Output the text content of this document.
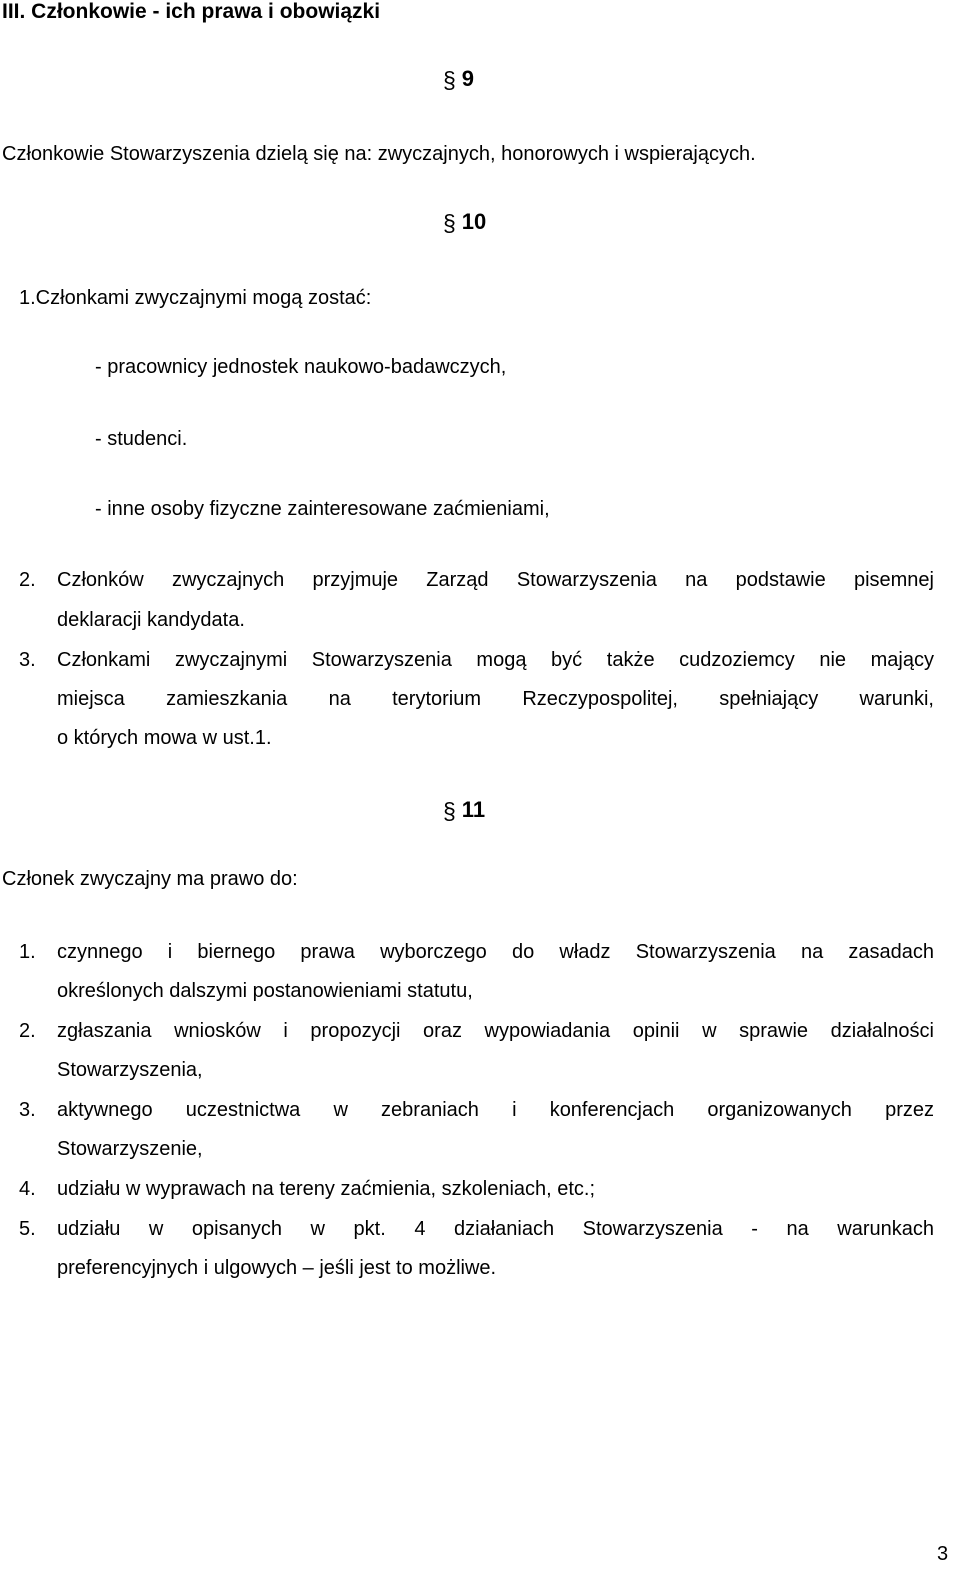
III. Członkowie - ich prawa i obowiązki
§ 9
Członkowie Stowarzyszenia dzielą się na: zwyczajnych, honorowych i wspierających.
§ 10
1.Członkami zwyczajnymi mogą zostać:
- pracownicy jednostek naukowo-badawczych,
- studenci.
- inne osoby fizyczne zainteresowane zaćmieniami,
2. Członków zwyczajnych przyjmuje Zarząd Stowarzyszenia na podstawie pisemnej
deklaracji kandydata.
3. Członkami zwyczajnymi Stowarzyszenia mogą być także cudzoziemcy nie mający
miejsca zamieszkania na terytorium Rzeczypospolitej, spełniający warunki,
o których mowa w ust.1.
§ 11
Członek zwyczajny ma prawo do:
1. czynnego i biernego prawa wyborczego do władz Stowarzyszenia na zasadach
określonych dalszymi postanowieniami statutu,
2. zgłaszania wniosków i propozycji oraz wypowiadania opinii w sprawie działalności
Stowarzyszenia,
3. aktywnego uczestnictwa w zebraniach i konferencjach organizowanych przez
Stowarzyszenie,
4. udziału w wyprawach na tereny zaćmienia, szkoleniach, etc.;
5. udziału w opisanych w pkt. 4 działaniach Stowarzyszenia - na warunkach
preferencyjnych i ulgowych – jeśli jest to możliwe.
3
